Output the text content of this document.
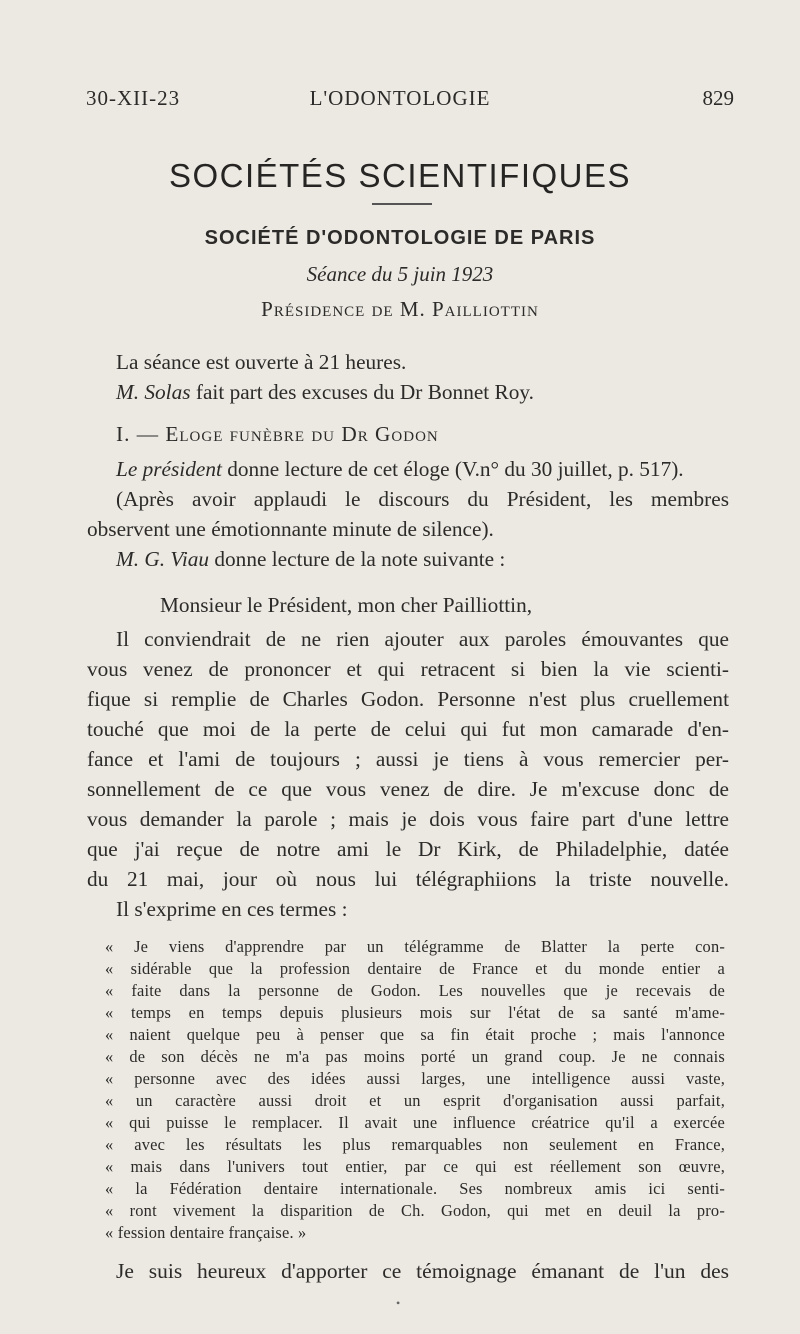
30-XII-23	L'ODONTOLOGIE	829
SOCIÉTÉS SCIENTIFIQUES
SOCIÉTÉ D'ODONTOLOGIE DE PARIS
Séance du 5 juin 1923
Présidence de M. Pailliottin
La séance est ouverte à 21 heures.
M. Solas fait part des excuses du Dr Bonnet Roy.
I. — Eloge funèbre du Dr Godon
Le président donne lecture de cet éloge (V.n° du 30 juillet, p. 517).
(Après avoir applaudi le discours du Président, les membres
observent une émotionnante minute de silence).
M. G. Viau donne lecture de la note suivante :
Monsieur le Président, mon cher Pailliottin,
Il conviendrait de ne rien ajouter aux paroles émouvantes que
vous venez de prononcer et qui retracent si bien la vie scienti-
fique si remplie de Charles Godon. Personne n'est plus cruellement
touché que moi de la perte de celui qui fut mon camarade d'en-
fance et l'ami de toujours ; aussi je tiens à vous remercier per-
sonnellement de ce que vous venez de dire. Je m'excuse donc de
vous demander la parole ; mais je dois vous faire part d'une lettre
que j'ai reçue de notre ami le Dr Kirk, de Philadelphie, datée
du 21 mai, jour où nous lui télégraphiions la triste nouvelle.
Il s'exprime en ces termes :
« Je viens d'apprendre par un télégramme de Blatter la perte con-
« sidérable que la profession dentaire de France et du monde entier a
« faite dans la personne de Godon. Les nouvelles que je recevais de
« temps en temps depuis plusieurs mois sur l'état de sa santé m'ame-
« naient quelque peu à penser que sa fin était proche ; mais l'annonce
« de son décès ne m'a pas moins porté un grand coup. Je ne connais
« personne avec des idées aussi larges, une intelligence aussi vaste,
« un caractère aussi droit et un esprit d'organisation aussi parfait,
« qui puisse le remplacer. Il avait une influence créatrice qu'il a exercée
« avec les résultats les plus remarquables non seulement en France,
« mais dans l'univers tout entier, par ce qui est réellement son œuvre,
« la Fédération dentaire internationale. Ses nombreux amis ici senti-
« ront vivement la disparition de Ch. Godon, qui met en deuil la pro-
« fession dentaire française. »
Je suis heureux d'apporter ce témoignage émanant de l'un des
•
